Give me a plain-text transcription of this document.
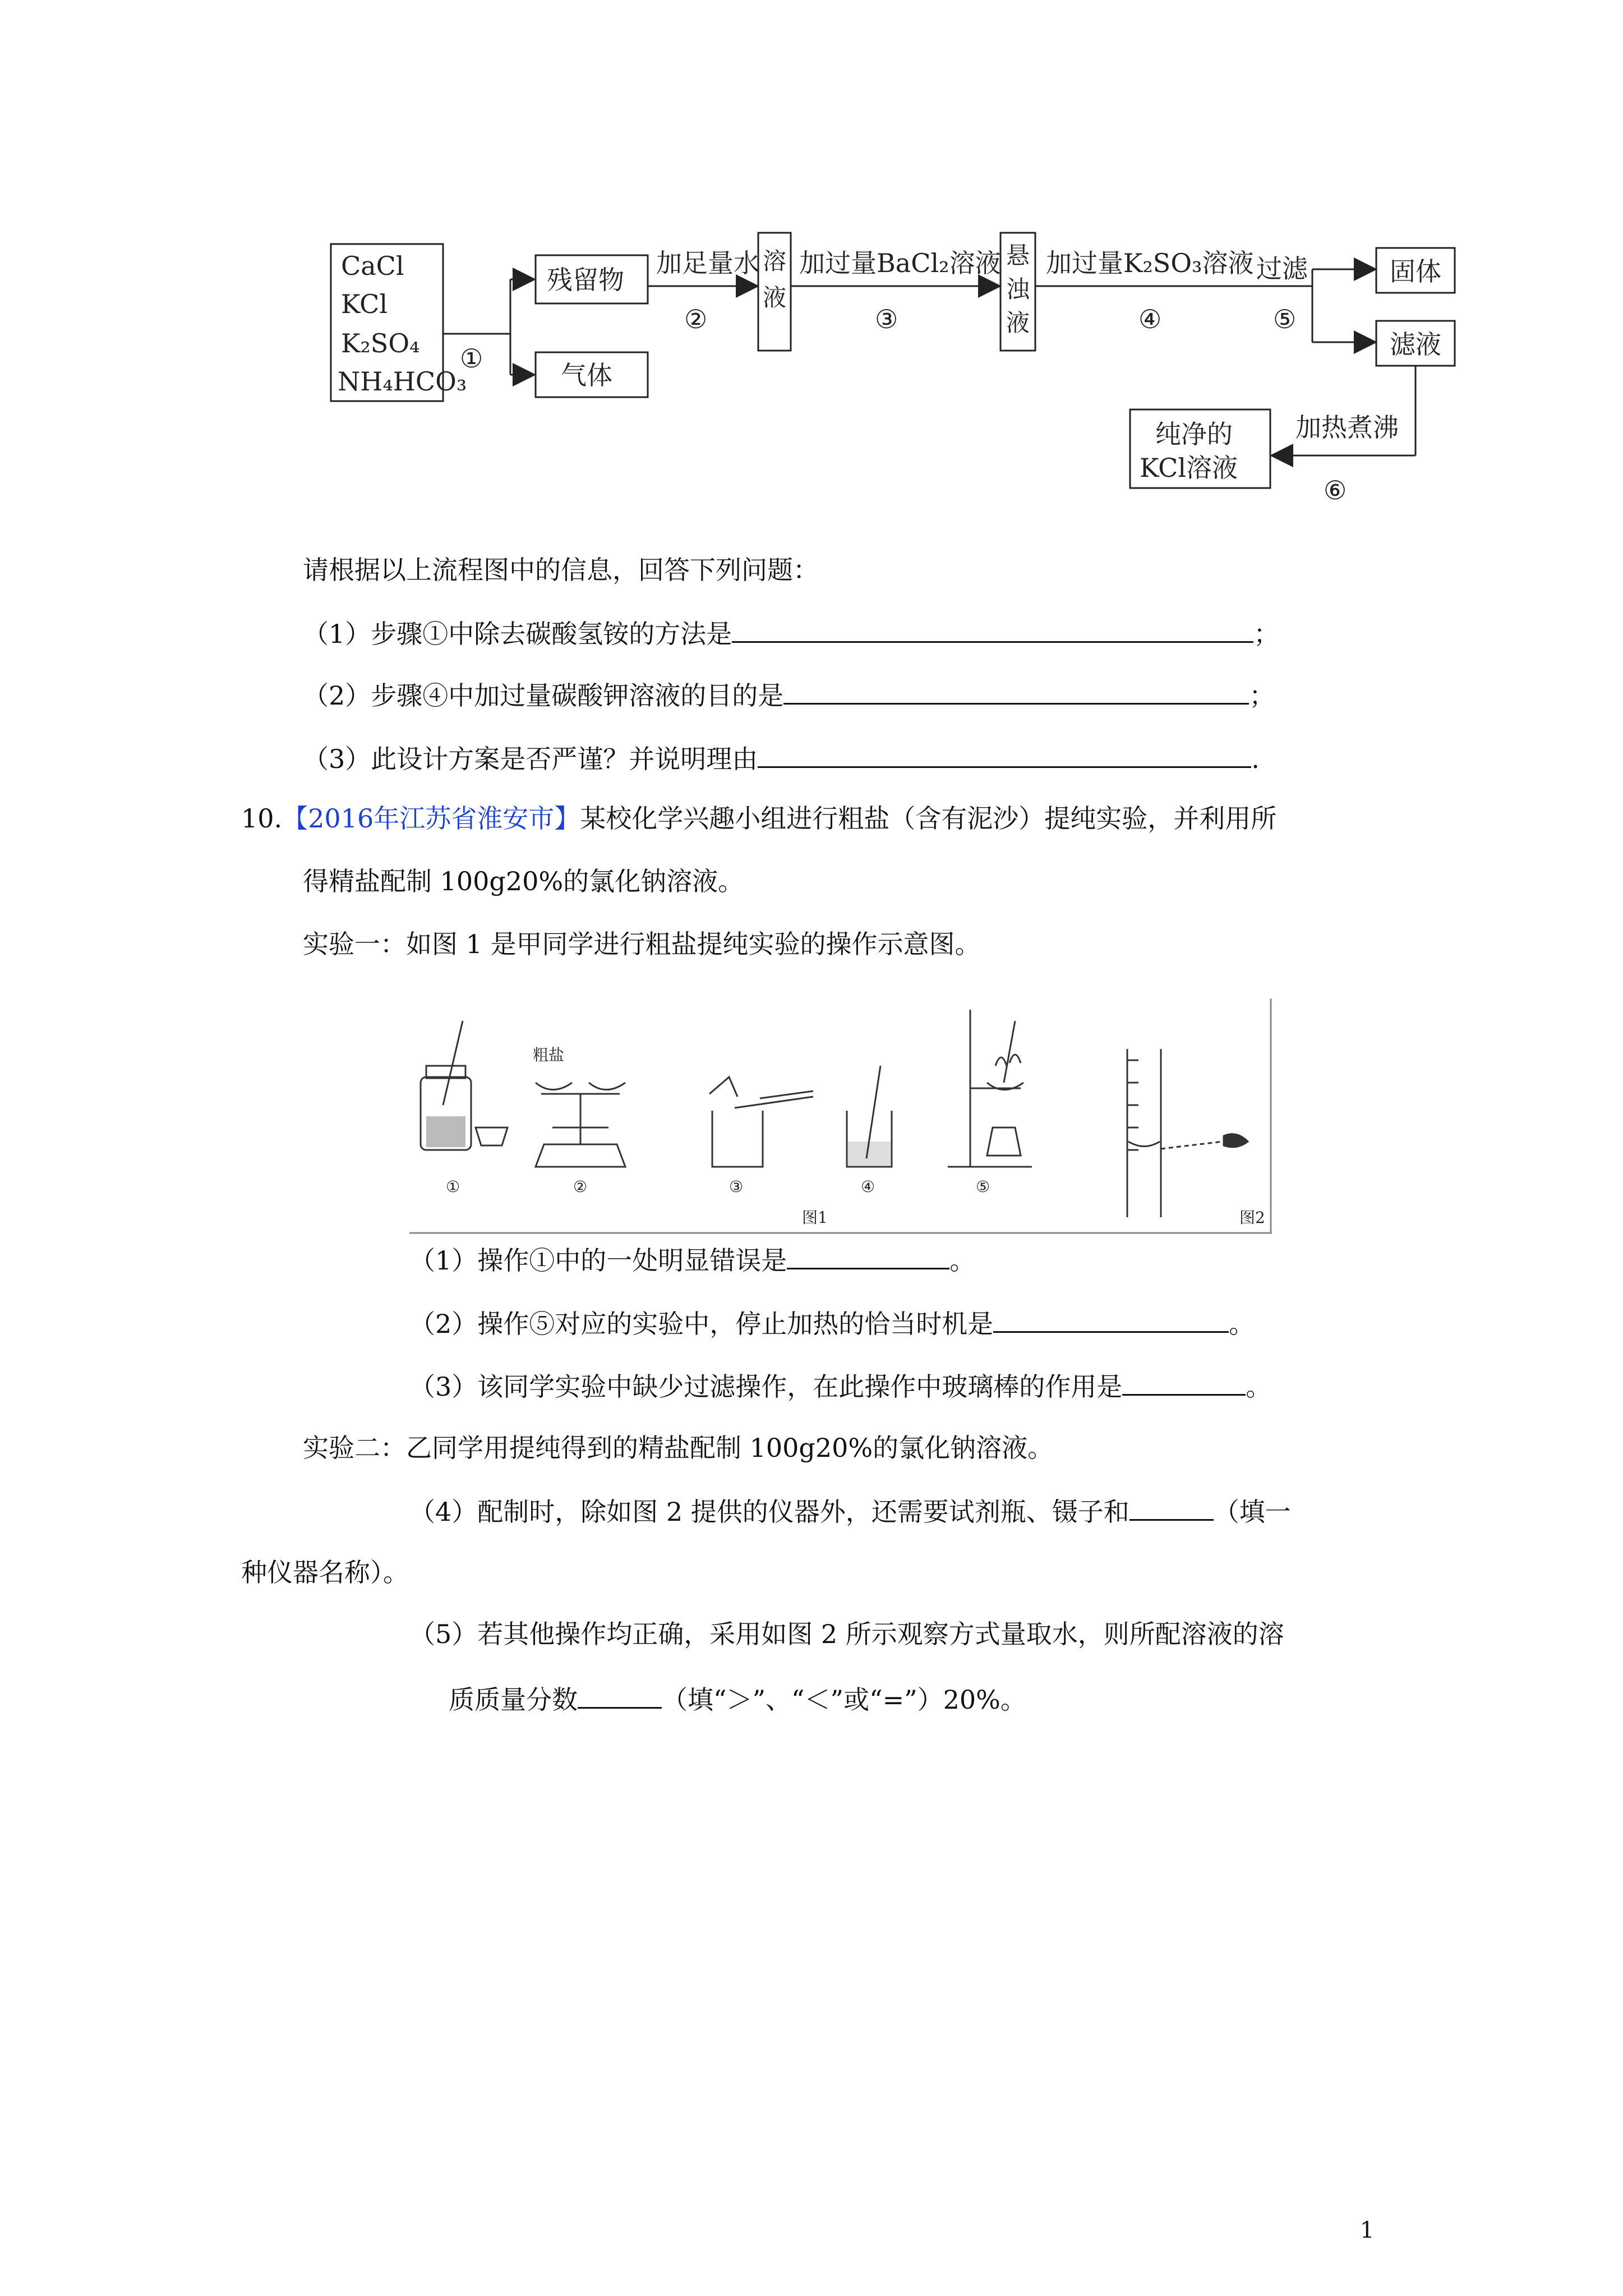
CaCl
KCl
K₂SO₄
NH₄HCO₃
①
残留物
气体
加足量水
②
加过量BaCl₂溶液
③
加过量K₂SO₃溶液
④
过滤
⑤
固体
滤液
加热煮沸
⑥
纯净的
KCl溶液
溶
液
悬
浊
液
请根据以上流程图中的信息，回答下列问题：
（1）步骤①中除去碳酸氢铵的方法是	；
（2）步骤④中加过量碳酸钾溶液的目的是	；
（3）此设计方案是否严谨？并说明理由	.
10.【2016年江苏省淮安市】某校化学兴趣小组进行粗盐（含有泥沙）提纯实验，并利用所
得精盐配制 100g20%的氯化钠溶液。
实验一：如图 1 是甲同学进行粗盐提纯实验的操作示意图。
粗盐
①	②	③	④	⑤
图1	图2
（1）操作①中的一处明显错误是	。
（2）操作⑤对应的实验中，停止加热的恰当时机是	。
（3）该同学实验中缺少过滤操作，在此操作中玻璃棒的作用是	。
实验二：乙同学用提纯得到的精盐配制 100g20%的氯化钠溶液。
（4）配制时，除如图 2 提供的仪器外，还需要试剂瓶、镊子和	（填一
种仪器名称）。
（5）若其他操作均正确，采用如图 2 所示观察方式量取水，则所配溶液的溶
质质量分数	（填“＞”、“＜”或“=”）20%。
1
